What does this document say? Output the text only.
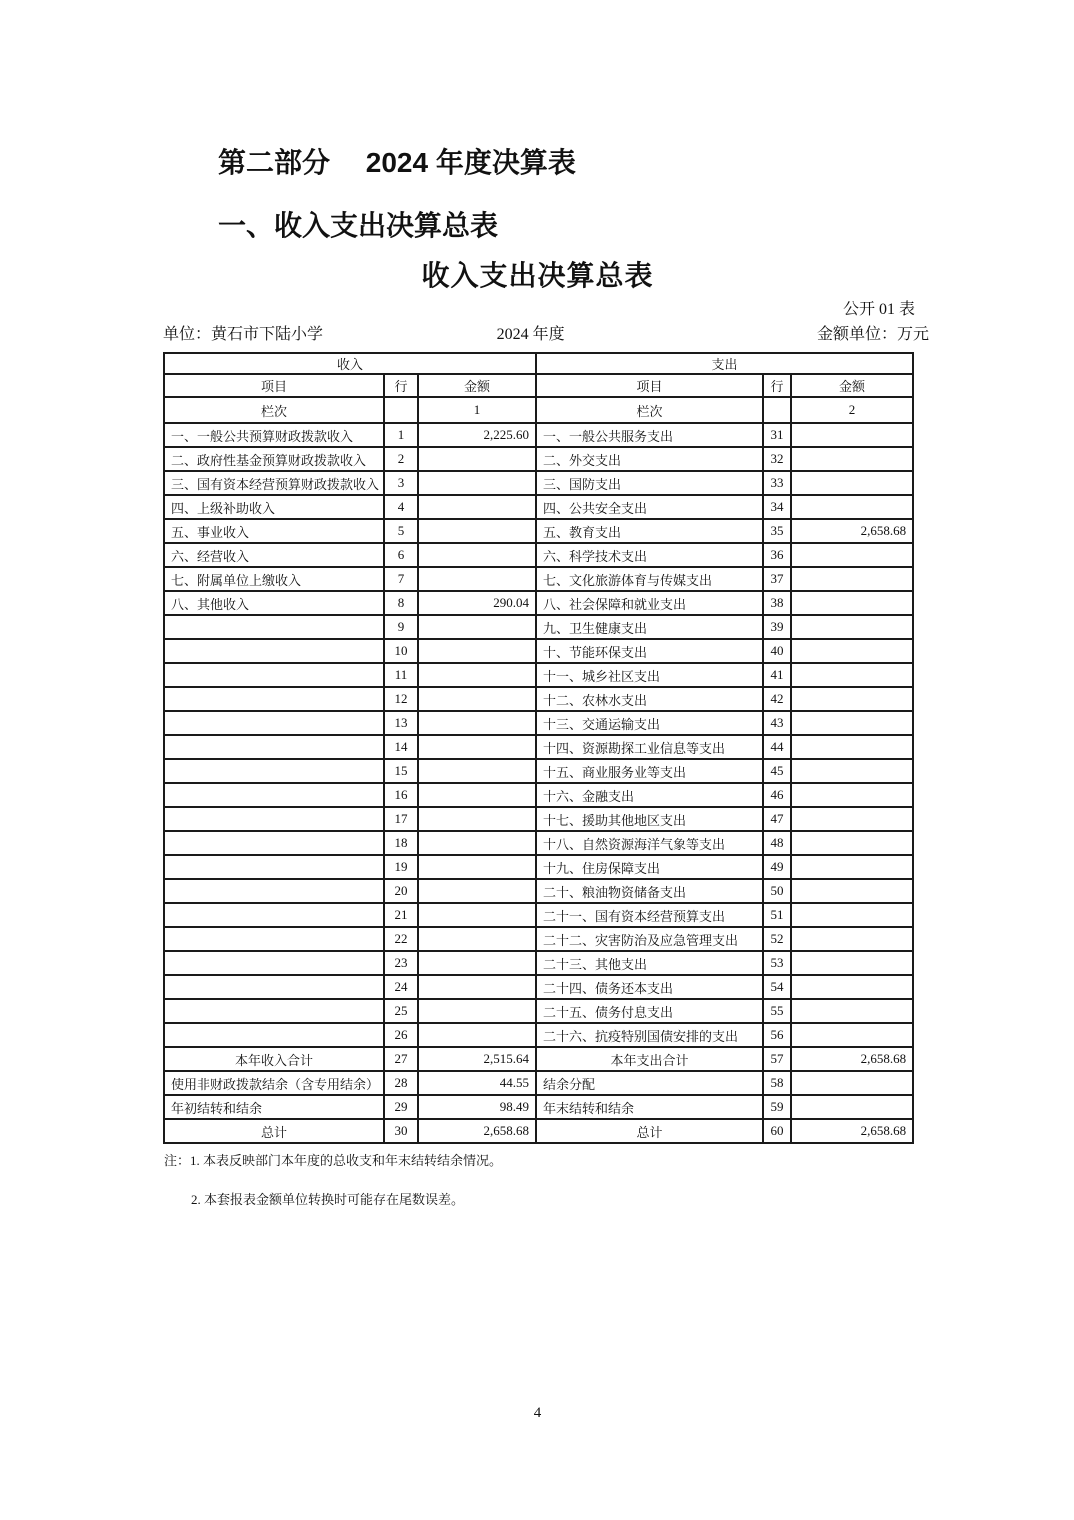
第二部分　 2024 年度决算表
一、收入支出决算总表
收入支出决算总表
公开 01 表
单位：黄石市下陆小学	2024 年度	金额单位：万元
收入			支出		
项目	行	金额	项目	行	金额
栏次		1	栏次		2
一、一般公共预算财政拨款收入	1	2,225.60	一、一般公共服务支出	31	
二、政府性基金预算财政拨款收入	2		二、外交支出	32	
三、国有资本经营预算财政拨款收入	3		三、国防支出	33	
四、上级补助收入	4		四、公共安全支出	34	
五、事业收入	5		五、教育支出	35	2,658.68
六、经营收入	6		六、科学技术支出	36	
七、附属单位上缴收入	7		七、文化旅游体育与传媒支出	37	
八、其他收入	8	290.04	八、社会保障和就业支出	38	
	9		九、卫生健康支出	39	
	10		十、节能环保支出	40	
	11		十一、城乡社区支出	41	
	12		十二、农林水支出	42	
	13		十三、交通运输支出	43	
	14		十四、资源勘探工业信息等支出	44	
	15		十五、商业服务业等支出	45	
	16		十六、金融支出	46	
	17		十七、援助其他地区支出	47	
	18		十八、自然资源海洋气象等支出	48	
	19		十九、住房保障支出	49	
	20		二十、粮油物资储备支出	50	
	21		二十一、国有资本经营预算支出	51	
	22		二十二、灾害防治及应急管理支出	52	
	23		二十三、其他支出	53	
	24		二十四、债务还本支出	54	
	25		二十五、债务付息支出	55	
	26		二十六、抗疫特别国债安排的支出	56	
本年收入合计	27	2,515.64	本年支出合计	57	2,658.68
使用非财政拨款结余（含专用结余）	28	44.55	结余分配	58	
年初结转和结余	29	98.49	年末结转和结余	59	
总计	30	2,658.68	总计	60	2,658.68
注：1. 本表反映部门本年度的总收支和年末结转结余情况。
2. 本套报表金额单位转换时可能存在尾数误差。
4
